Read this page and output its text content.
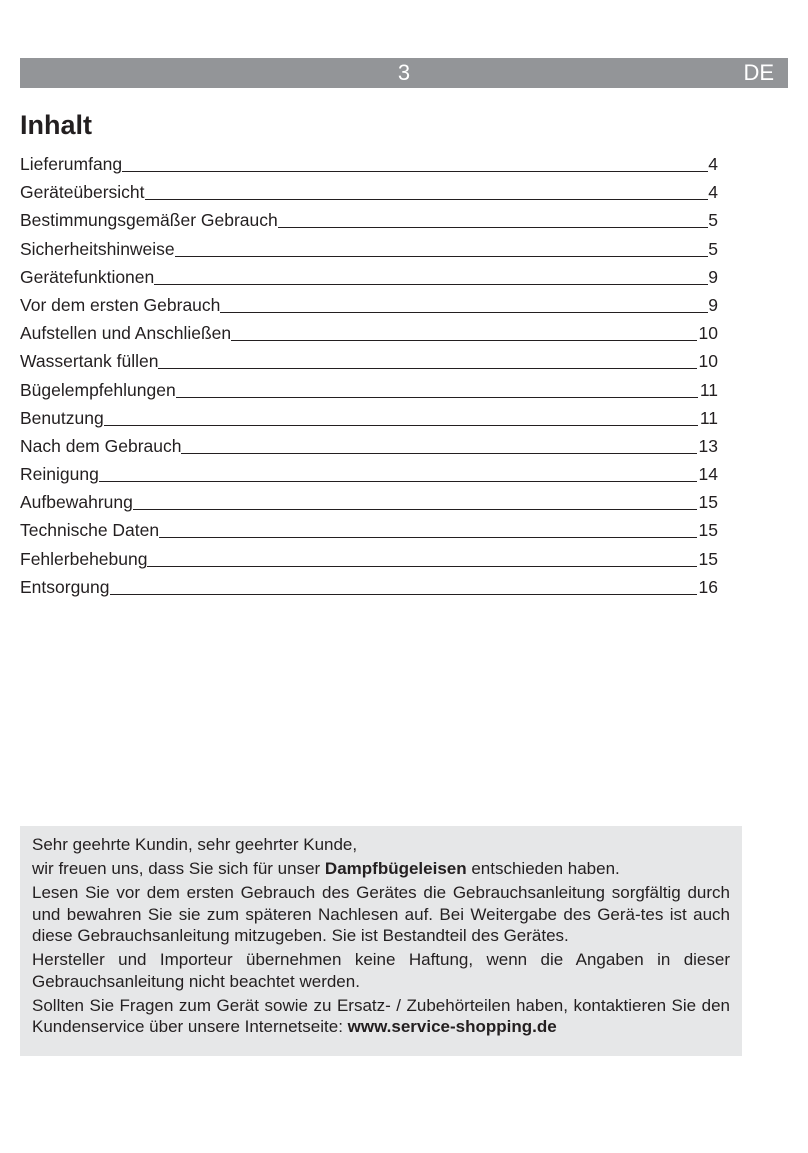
3	DE
Inhalt
Lieferumfang	4
Geräteübersicht	4
Bestimmungsgemäßer Gebrauch	5
Sicherheitshinweise	5
Gerätefunktionen	9
Vor dem ersten Gebrauch	9
Aufstellen und Anschließen	10
Wassertank füllen	10
Bügelempfehlungen	11
Benutzung	11
Nach dem Gebrauch	13
Reinigung	14
Aufbewahrung	15
Technische Daten	15
Fehlerbehebung	15
Entsorgung	16

Sehr geehrte Kundin, sehr geehrter Kunde,

wir freuen uns, dass Sie sich für unser Dampfbügeleisen entschieden haben.

Lesen Sie vor dem ersten Gebrauch des Gerätes die Gebrauchsanleitung sorgfältig durch und bewahren Sie sie zum späteren Nachlesen auf. Bei Weitergabe des Gerä-tes ist auch diese Gebrauchsanleitung mitzugeben. Sie ist Bestandteil des Gerätes.

Hersteller und Importeur übernehmen keine Haftung, wenn die Angaben in dieser Gebrauchsanleitung nicht beachtet werden.

Sollten Sie Fragen zum Gerät sowie zu Ersatz- / Zubehörteilen haben, kontaktieren Sie den Kundenservice über unsere Internetseite: www.service-shopping.de
